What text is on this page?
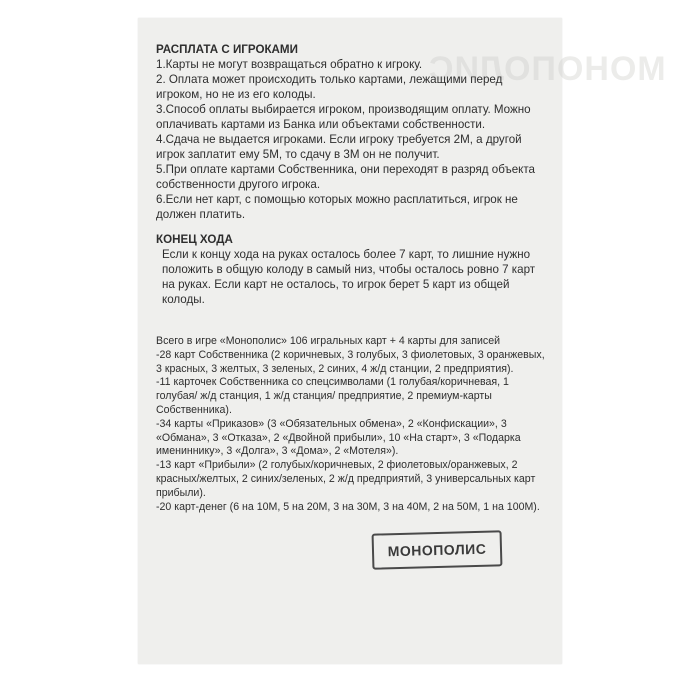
МОНОПОЛИС

РАСПЛАТА С ИГРОКАМИ

1.Карты не могут возвращаться обратно к игроку.

2. Оплата может происходить только картами, лежащими перед игроком, но не из его колоды.

3.Способ оплаты выбирается игроком, производящим оплату. Можно оплачивать картами из Банка или объектами собственности.

4.Сдача не выдается игроками. Если игроку требуется 2М, а другой игрок заплатит ему 5М, то сдачу в 3М он не получит.

5.При оплате картами Собственника, они переходят в разряд объекта собственности другого игрока.

6.Если нет карт, с помощью которых можно расплатиться, игрок не должен платить.

КОНЕЦ ХОДА

Если к концу хода на руках осталось более 7 карт, то лишние нужно положить в общую колоду в самый низ, чтобы осталось ровно 7 карт на руках. Если карт не осталось, то игрок берет 5 карт из общей колоды.

Всего в игре «Монополис» 106 игральных карт + 4 карты для записей

-28 карт Собственника (2 коричневых, 3 голубых, 3 фиолетовых, 3 оранжевых, 3 красных, 3 желтых, 3 зеленых, 2 синих, 4 ж/д станции, 2 предприятия).

-11 карточек Собственника со спецсимволами (1 голубая/коричневая, 1 голубая/ ж/д станция, 1 ж/д станция/ предприятие, 2 премиум-карты Собственника).

-34 карты «Приказов» (3 «Обязательных обмена», 2 «Конфискации», 3 «Обмана», 3 «Отказа», 2 «Двойной прибыли», 10 «На старт», 3 «Подарка имениннику», 3 «Долга», 3 «Дома», 2 «Мотеля»).

-13 карт «Прибыли» (2 голубых/коричневых, 2 фиолетовых/оранжевых, 2 красных/желтых, 2 синих/зеленых, 2 ж/д предприятий, 3 универсальных карт прибыли).

-20 карт-денег (6 на 10М, 5 на 20М, 3 на 30М, 3 на 40М, 2 на 50М, 1 на 100М).

МОНОПОЛИС
